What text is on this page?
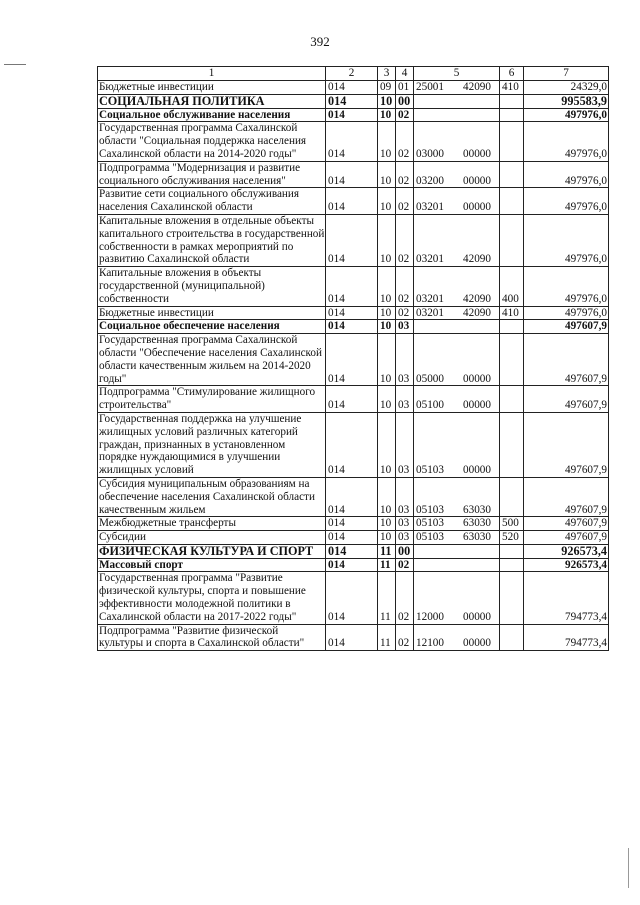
392
1	2	3	4	5	6	7
Бюджетные инвестиции	014	09	01	25001 42090	410	24329,0
СОЦИАЛЬНАЯ ПОЛИТИКА	014	10	00			995583,9
Социальное обслуживание населения	014	10	02			497976,0
Государственная программа Сахалинской области "Социальная поддержка населения Сахалинской области на 2014-2020 годы"	014	10	02	03000 00000		497976,0
Подпрограмма "Модернизация и развитие социального обслуживания населения"	014	10	02	03200 00000		497976,0
Развитие сети социального обслуживания населения Сахалинской области	014	10	02	03201 00000		497976,0
Капитальные вложения в отдельные объекты капитального строительства в государственной собственности в рамках мероприятий по развитию Сахалинской области	014	10	02	03201 42090		497976,0
Капитальные вложения в объекты государственной (муниципальной) собственности	014	10	02	03201 42090	400	497976,0
Бюджетные инвестиции	014	10	02	03201 42090	410	497976,0
Социальное обеспечение населения	014	10	03			497607,9
Государственная программа Сахалинской области "Обеспечение населения Сахалинской области качественным жильем на 2014-2020 годы"	014	10	03	05000 00000		497607,9
Подпрограмма "Стимулирование жилищного строительства"	014	10	03	05100 00000		497607,9
Государственная поддержка на улучшение жилищных условий различных категорий граждан, признанных в установленном порядке нуждающимися в улучшении жилищных условий	014	10	03	05103 00000		497607,9
Субсидия муниципальным образованиям на обеспечение населения Сахалинской области качественным жильем	014	10	03	05103 63030		497607,9
Межбюджетные трансферты	014	10	03	05103 63030	500	497607,9
Субсидии	014	10	03	05103 63030	520	497607,9
ФИЗИЧЕСКАЯ КУЛЬТУРА И СПОРТ	014	11	00			926573,4
Массовый спорт	014	11	02			926573,4
Государственная программа "Развитие физической культуры, спорта и повышение эффективности молодежной политики в Сахалинской области на 2017-2022 годы"	014	11	02	12000 00000		794773,4
Подпрограмма "Развитие физической культуры и спорта в Сахалинской области"	014	11	02	12100 00000		794773,4
